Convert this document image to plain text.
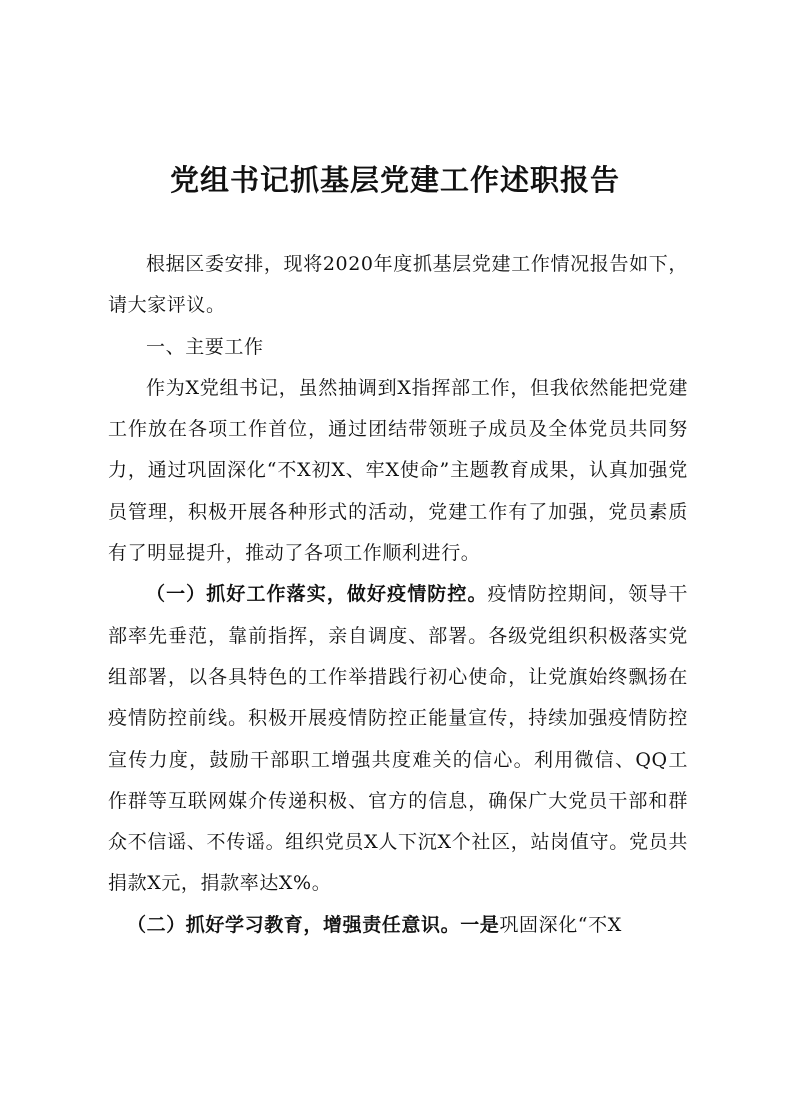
党组书记抓基层党建工作述职报告

根据区委安排，现将2020年度抓基层党建工作情况报告如下，请大家评议。

一、主要工作

作为X党组书记，虽然抽调到X指挥部工作，但我依然能把党建工作放在各项工作首位，通过团结带领班子成员及全体党员共同努力，通过巩固深化“不X初X、牢X使命”主题教育成果，认真加强党员管理，积极开展各种形式的活动，党建工作有了加强，党员素质有了明显提升，推动了各项工作顺利进行。

（一）抓好工作落实，做好疫情防控。疫情防控期间，领导干部率先垂范，靠前指挥，亲自调度、部署。各级党组织积极落实党组部署，以各具特色的工作举措践行初心使命，让党旗始终飘扬在疫情防控前线。积极开展疫情防控正能量宣传，持续加强疫情防控宣传力度，鼓励干部职工增强共度难关的信心。利用微信、QQ工作群等互联网媒介传递积极、官方的信息，确保广大党员干部和群众不信谣、不传谣。组织党员X人下沉X个社区，站岗值守。党员共捐款X元，捐款率达X%。

（二）抓好学习教育，增强责任意识。一是巩固深化“不X
